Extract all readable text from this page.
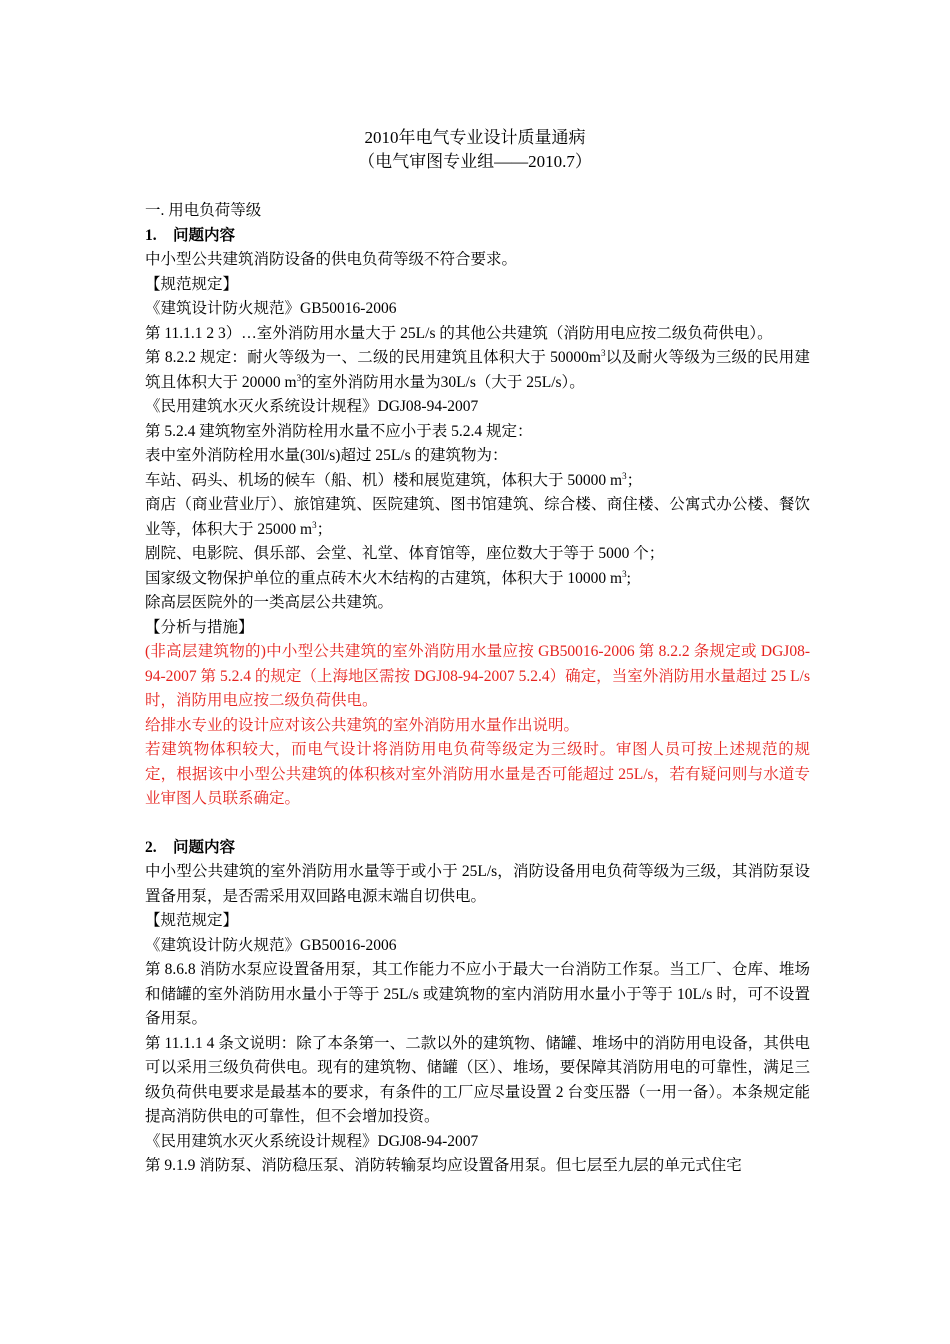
2010年电气专业设计质量通病

（电气审图专业组——2010.7）

一. 用电负荷等级

1. 问题内容

中小型公共建筑消防设备的供电负荷等级不符合要求。

【规范规定】

《建筑设计防火规范》GB50016-2006

第 11.1.1 2 3）…室外消防用水量大于 25L/s 的其他公共建筑（消防用电应按二级负荷供电）。

第 8.2.2 规定：耐火等级为一、二级的民用建筑且体积大于 $50000m^3$以及耐火等级为三级的民用建筑且体积大于 20000 $m^3$的室外消防用水量为30L/s（大于 25L/s）。

《民用建筑水灭火系统设计规程》DGJ08-94-2007

第 5.2.4 建筑物室外消防栓用水量不应小于表 5.2.4 规定：

表中室外消防栓用水量(30l/s)超过 25L/s 的建筑物为：

车站、码头、机场的候车（船、机）楼和展览建筑，体积大于 50000 $m^3$；

商店（商业营业厅）、旅馆建筑、医院建筑、图书馆建筑、综合楼、商住楼、公寓式办公楼、餐饮业等，体积大于 25000 $m^3$；

剧院、电影院、俱乐部、会堂、礼堂、体育馆等，座位数大于等于 5000 个；

国家级文物保护单位的重点砖木火木结构的古建筑，体积大于 10000 $m^3$;

除高层医院外的一类高层公共建筑。

【分析与措施】

(非高层建筑物的)中小型公共建筑的室外消防用水量应按 GB50016-2006 第 8.2.2 条规定或 DGJ08-94-2007 第 5.2.4 的规定（上海地区需按 DGJ08-94-2007 5.2.4）确定，当室外消防用水量超过 25 L/s 时，消防用电应按二级负荷供电。

给排水专业的设计应对该公共建筑的室外消防用水量作出说明。

若建筑物体积较大，而电气设计将消防用电负荷等级定为三级时。审图人员可按上述规范的规定，根据该中小型公共建筑的体积核对室外消防用水量是否可能超过 25L/s，若有疑问则与水道专业审图人员联系确定。

2. 问题内容

中小型公共建筑的室外消防用水量等于或小于 25L/s，消防设备用电负荷等级为三级，其消防泵设置备用泵，是否需采用双回路电源末端自切供电。

【规范规定】

《建筑设计防火规范》GB50016-2006

第 8.6.8 消防水泵应设置备用泵，其工作能力不应小于最大一台消防工作泵。当工厂、仓库、堆场和储罐的室外消防用水量小于等于 25L/s 或建筑物的室内消防用水量小于等于 10L/s 时，可不设置备用泵。

第 11.1.1 4 条文说明：除了本条第一、二款以外的建筑物、储罐、堆场中的消防用电设备，其供电可以采用三级负荷供电。现有的建筑物、储罐（区）、堆场，要保障其消防用电的可靠性，满足三级负荷供电要求是最基本的要求，有条件的工厂应尽量设置 2 台变压器（一用一备）。本条规定能提高消防供电的可靠性，但不会增加投资。

《民用建筑水灭火系统设计规程》DGJ08-94-2007

第 9.1.9 消防泵、消防稳压泵、消防转输泵均应设置备用泵。但七层至九层的单元式住宅
